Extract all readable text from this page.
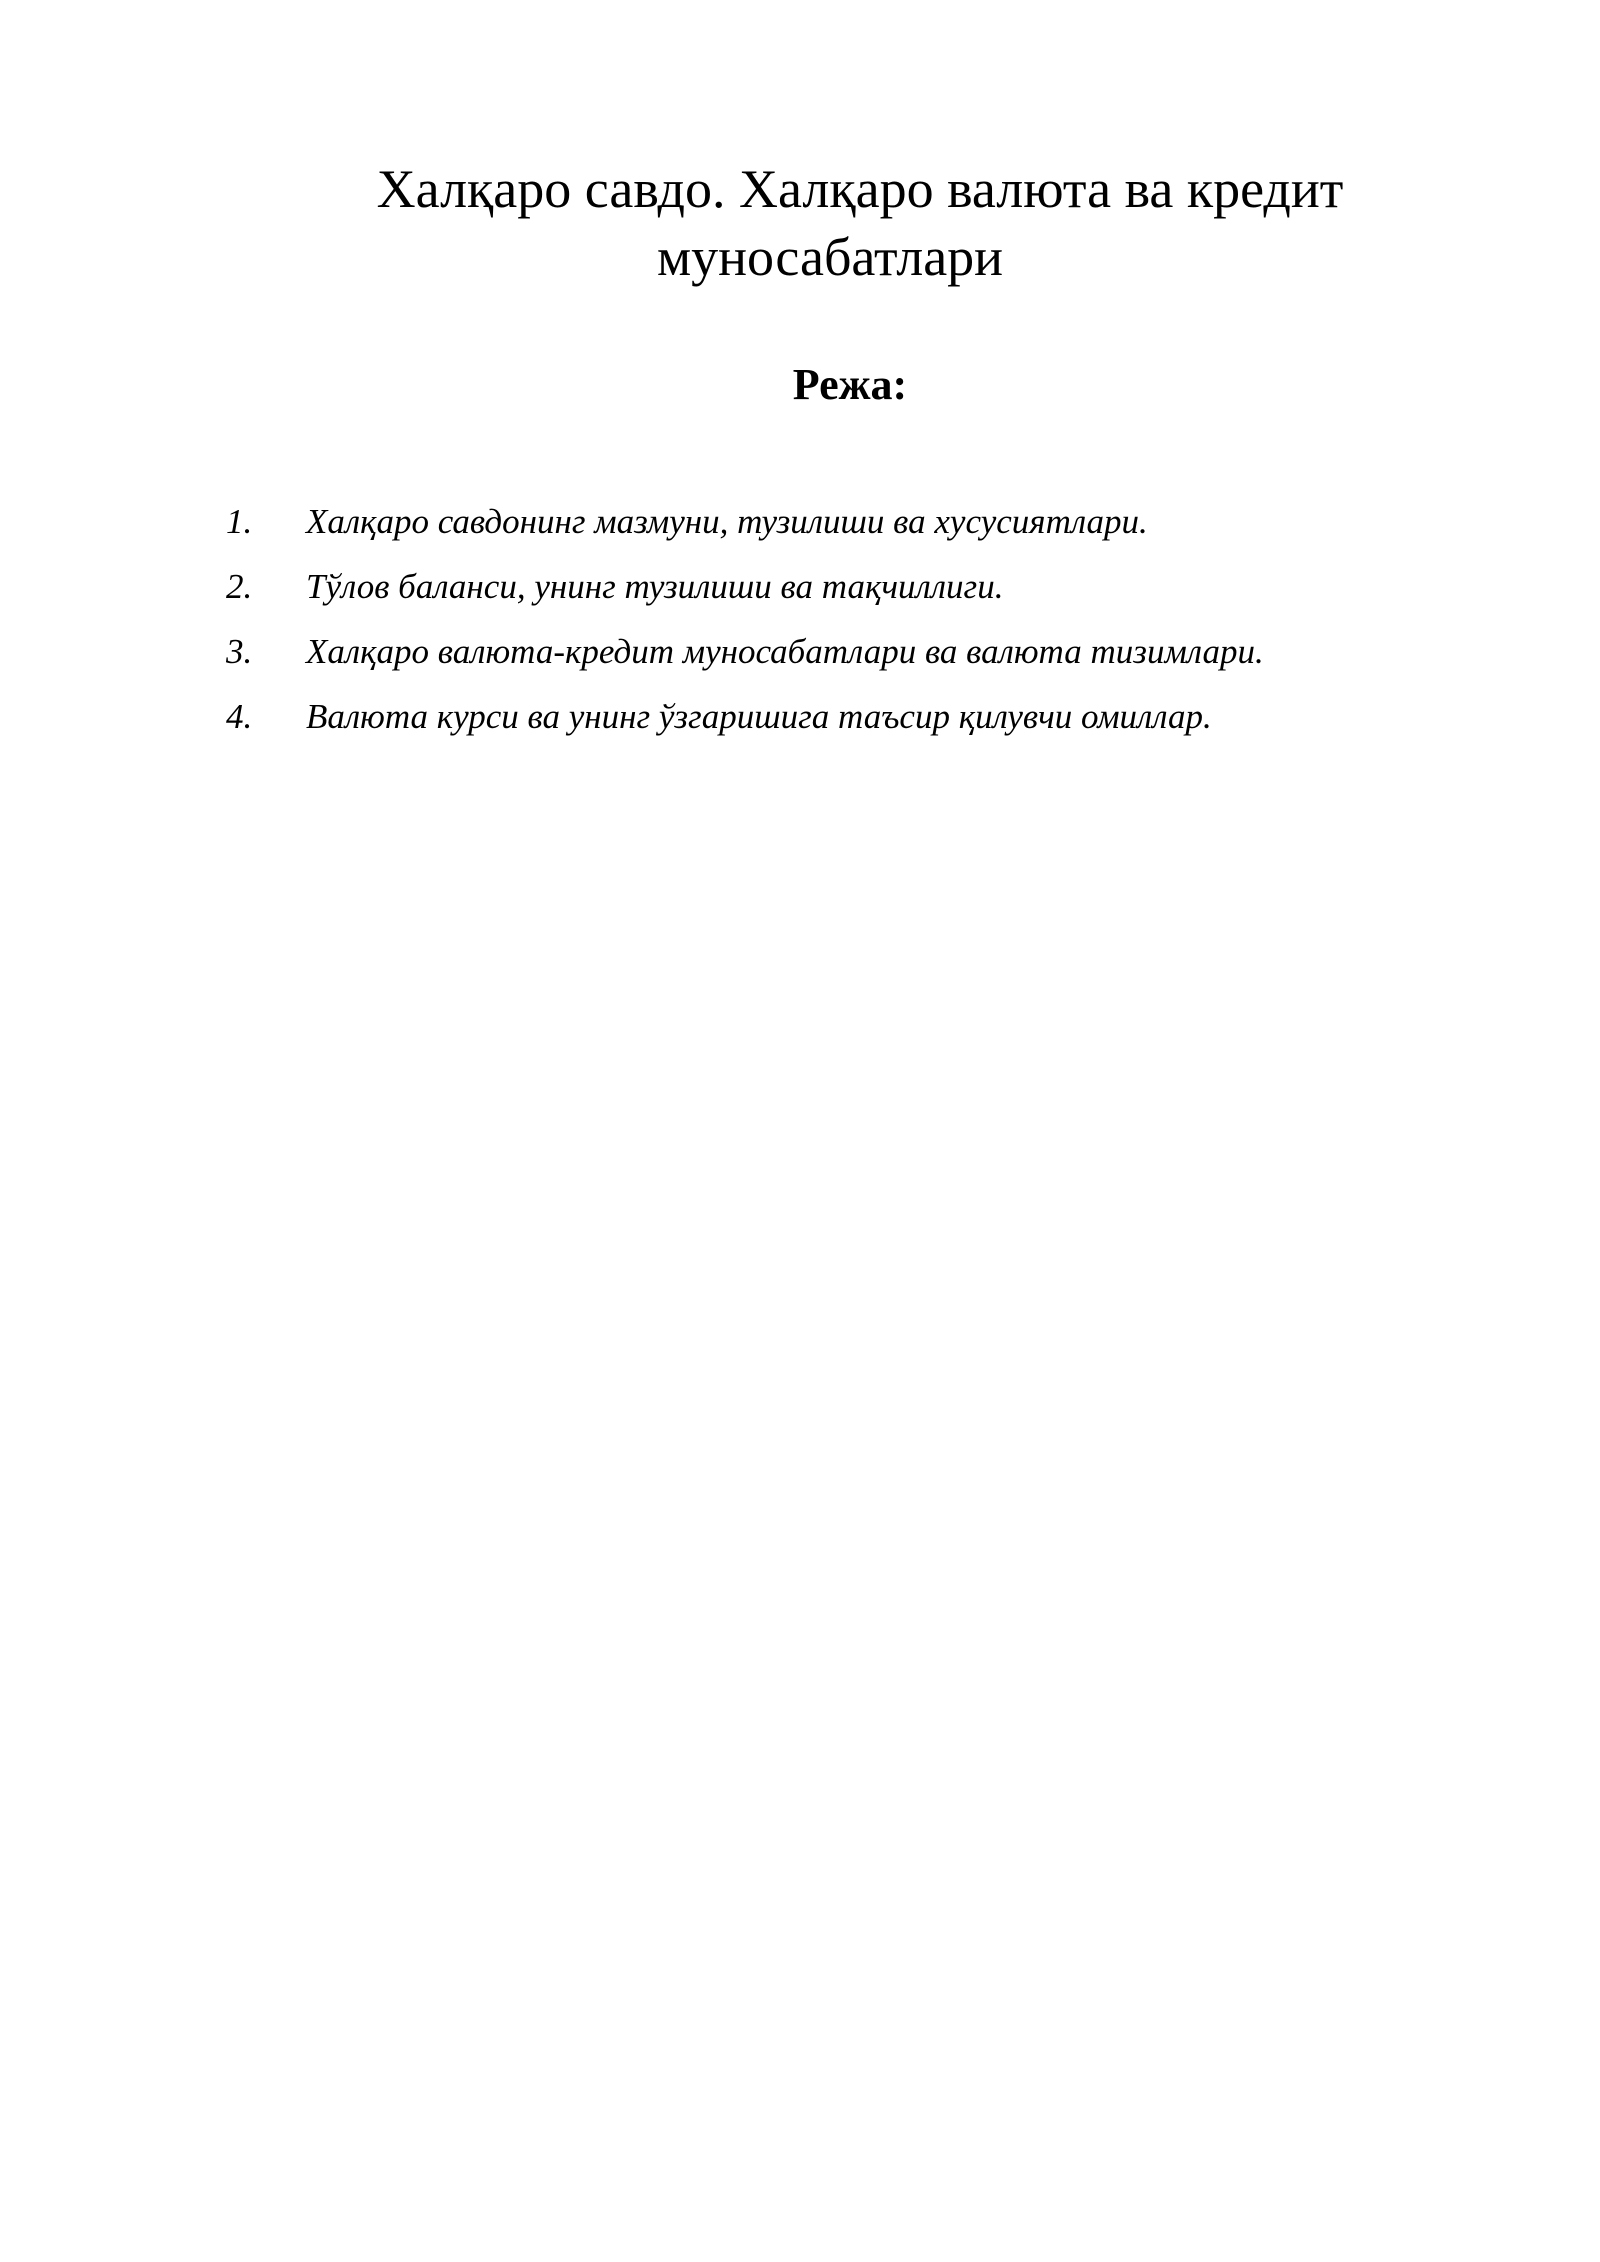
Халқаро савдо. Халқаро валюта ва кредит
муносабатлари
Режа:
1.	Халқаро савдонинг мазмуни, тузилиши ва хусусиятлари.
2.	Тўлов баланси, унинг тузилиши ва тақчиллиги.
3.	Халқаро валюта-кредит муносабатлари ва валюта тизимлари.
4.	Валюта курси ва унинг ўзгаришига таъсир қилувчи омиллар.
